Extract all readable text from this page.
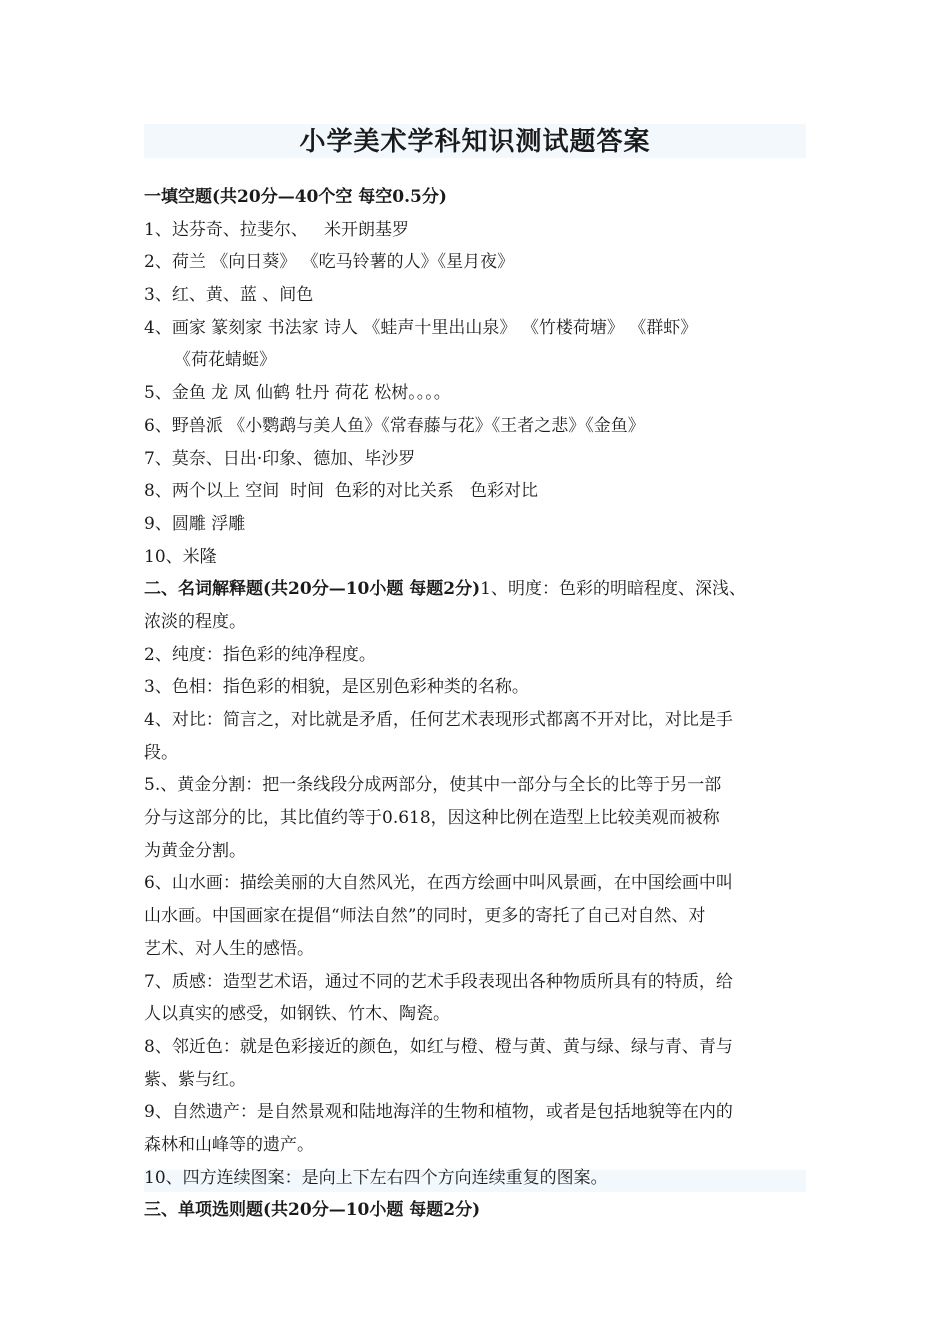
小学美术学科知识测试题答案
一填空题(共20分—40个空 每空0.5分)
1、达芬奇、拉斐尔、   米开朗基罗
2、荷兰 《向日葵》 《吃马铃薯的人》《星月夜》
3、红、黄、蓝 、间色
4、画家 篆刻家 书法家 诗人 《蛙声十里出山泉》 《竹楼荷塘》 《群虾》
《荷花蜻蜓》
5、金鱼 龙 凤 仙鹤 牡丹 荷花 松树。。。。
6、野兽派 《小鹦鹉与美人鱼》《常春藤与花》《王者之悲》《金鱼》
7、莫奈、日出·印象、德加、毕沙罗
8、两个以上 空间  时间  色彩的对比关系   色彩对比
9、圆雕 浮雕
10、米隆
二、名词解释题(共20分—10小题 每题2分)1、明度：色彩的明暗程度、深浅、
浓淡的程度。
2、纯度：指色彩的纯净程度。
3、色相：指色彩的相貌，是区别色彩种类的名称。
4、对比：简言之，对比就是矛盾，任何艺术表现形式都离不开对比，对比是手
段。
5.、黄金分割：把一条线段分成两部分，使其中一部分与全长的比等于另一部
分与这部分的比，其比值约等于0.618，因这种比例在造型上比较美观而被称
为黄金分割。
6、山水画：描绘美丽的大自然风光，在西方绘画中叫风景画，在中国绘画中叫
山水画。中国画家在提倡“师法自然”的同时，更多的寄托了自己对自然、对
艺术、对人生的感悟。
7、质感：造型艺术语，通过不同的艺术手段表现出各种物质所具有的特质，给
人以真实的感受，如钢铁、竹木、陶瓷。
8、邻近色：就是色彩接近的颜色，如红与橙、橙与黄、黄与绿、绿与青、青与
紫、紫与红。
9、自然遗产：是自然景观和陆地海洋的生物和植物，或者是包括地貌等在内的
森林和山峰等的遗产。
10、四方连续图案：是向上下左右四个方向连续重复的图案。
三、单项选则题(共20分—10小题 每题2分)
